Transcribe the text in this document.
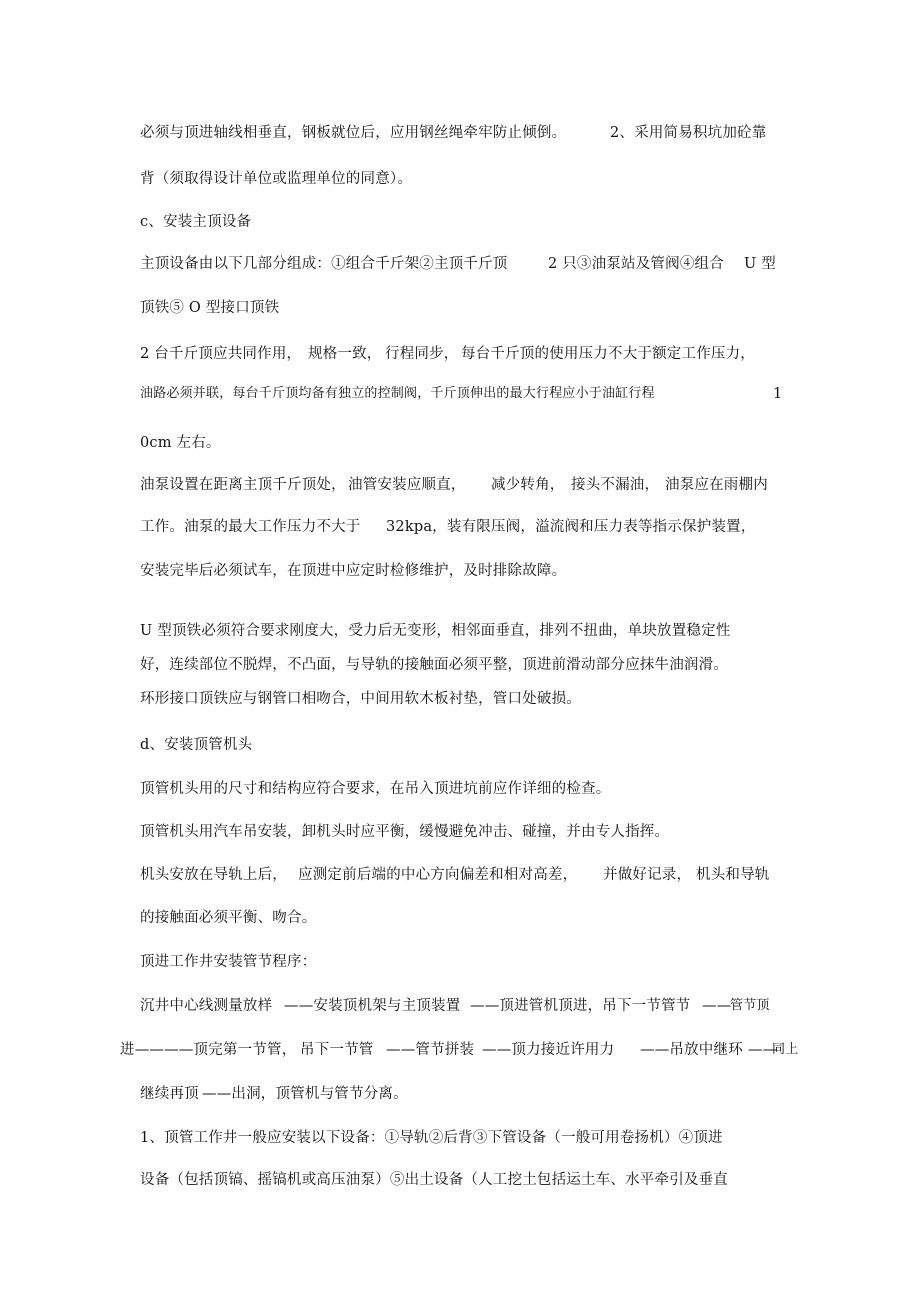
必须与顶进轴线相垂直，钢板就位后，应用钢丝绳牵牢防止倾倒。	2、采用简易积坑加砼靠
背（须取得设计单位或监理单位的同意）。
c、安装主顶设备
主顶设备由以下几部分组成：①组合千斤架②主顶千斤顶	2 只③油泵站及管阀④组合 U 型
顶铁⑤ O 型接口顶铁
2 台千斤顶应共同作用， 规格一致， 行程同步， 每台千斤顶的使用压力不大于额定工作压力，
油路必须并联，每台千斤顶均备有独立的控制阀，千斤顶伸出的最大行程应小于油缸行程	1
0cm 左右。
油泵设置在距离主顶千斤顶处， 油管安装应顺直， 减少转角， 接头不漏油， 油泵应在雨棚内
工作。油泵的最大工作压力不大于 32kpa，装有限压阀，溢流阀和压力表等指示保护装置，
安装完毕后必须试车，在顶进中应定时检修维护，及时排除故障。
U 型顶铁必须符合要求刚度大，受力后无变形，相邻面垂直，排列不扭曲，单块放置稳定性
好，连续部位不脱焊，不凸面，与导轨的接触面必须平整，顶进前滑动部分应抹牛油润滑。
环形接口顶铁应与钢管口相吻合，中间用软木板衬垫，管口处破损。
d、安装顶管机头
顶管机头用的尺寸和结构应符合要求，在吊入顶进坑前应作详细的检查。
顶管机头用汽车吊安装，卸机头时应平衡，缓慢避免冲击、碰撞，并由专人指挥。
机头安放在导轨上后， 应测定前后端的中心方向偏差和相对高差， 并做好记录， 机头和导轨
的接触面必须平衡、吻合。
顶进工作井安装管节程序：
沉井中心线测量放样 ——安装顶机架与主顶装置 ——顶进管机顶进，吊下一节管节 ——
管节顶
进————顶完第一节管， 吊下一节管 ——管节拼装 ——顶力接近许用力 ——吊放中继环 ——
同上
继续再顶 ——出洞，顶管机与管节分离。
1、顶管工作井一般应安装以下设备：①导轨②后背③下管设备（一般可用卷扬机）④顶进
设备（包括顶镐、摇镐机或高压油泵）⑤出土设备（人工挖土包括运土车、水平牵引及垂直
